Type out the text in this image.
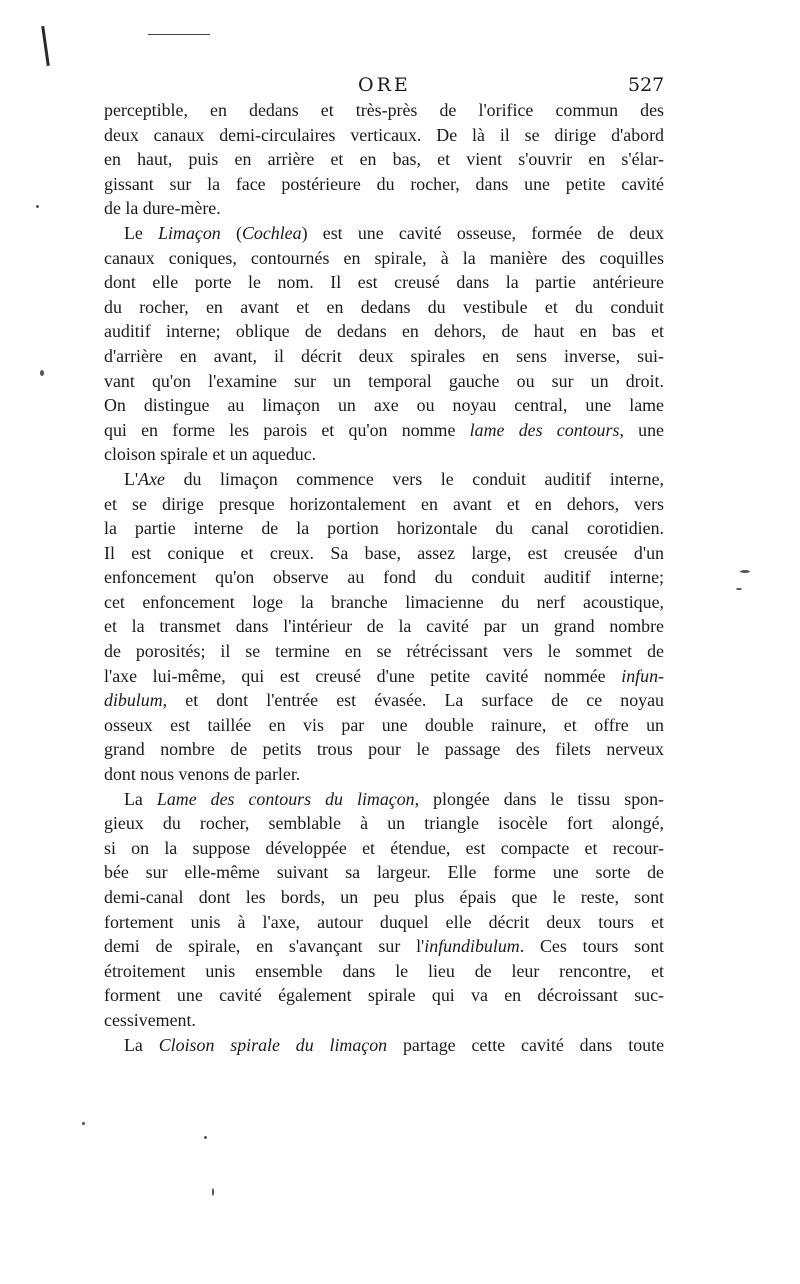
ORE	527
perceptible, en dedans et très-près de l'orifice commun des
deux canaux demi-circulaires verticaux. De là il se dirige d'abord
en haut, puis en arrière et en bas, et vient s'ouvrir en s'élar-
gissant sur la face postérieure du rocher, dans une petite cavité
de la dure-mère.
Le Limaçon (Cochlea) est une cavité osseuse, formée de deux
canaux coniques, contournés en spirale, à la manière des coquilles
dont elle porte le nom. Il est creusé dans la partie antérieure
du rocher, en avant et en dedans du vestibule et du conduit
auditif interne; oblique de dedans en dehors, de haut en bas et
d'arrière en avant, il décrit deux spirales en sens inverse, sui-
vant qu'on l'examine sur un temporal gauche ou sur un droit.
On distingue au limaçon un axe ou noyau central, une lame
qui en forme les parois et qu'on nomme lame des contours, une
cloison spirale et un aqueduc.
L'Axe du limaçon commence vers le conduit auditif interne,
et se dirige presque horizontalement en avant et en dehors, vers
la partie interne de la portion horizontale du canal corotidien.
Il est conique et creux. Sa base, assez large, est creusée d'un
enfoncement qu'on observe au fond du conduit auditif interne;
cet enfoncement loge la branche limacienne du nerf acoustique,
et la transmet dans l'intérieur de la cavité par un grand nombre
de porosités; il se termine en se rétrécissant vers le sommet de
l'axe lui-même, qui est creusé d'une petite cavité nommée infun-
dibulum, et dont l'entrée est évasée. La surface de ce noyau
osseux est taillée en vis par une double rainure, et offre un
grand nombre de petits trous pour le passage des filets nerveux
dont nous venons de parler.
La Lame des contours du limaçon, plongée dans le tissu spon-
gieux du rocher, semblable à un triangle isocèle fort alongé,
si on la suppose développée et étendue, est compacte et recour-
bée sur elle-même suivant sa largeur. Elle forme une sorte de
demi-canal dont les bords, un peu plus épais que le reste, sont
fortement unis à l'axe, autour duquel elle décrit deux tours et
demi de spirale, en s'avançant sur l'infundibulum. Ces tours sont
étroitement unis ensemble dans le lieu de leur rencontre, et
forment une cavité également spirale qui va en décroissant suc-
cessivement.
La Cloison spirale du limaçon partage cette cavité dans toute
